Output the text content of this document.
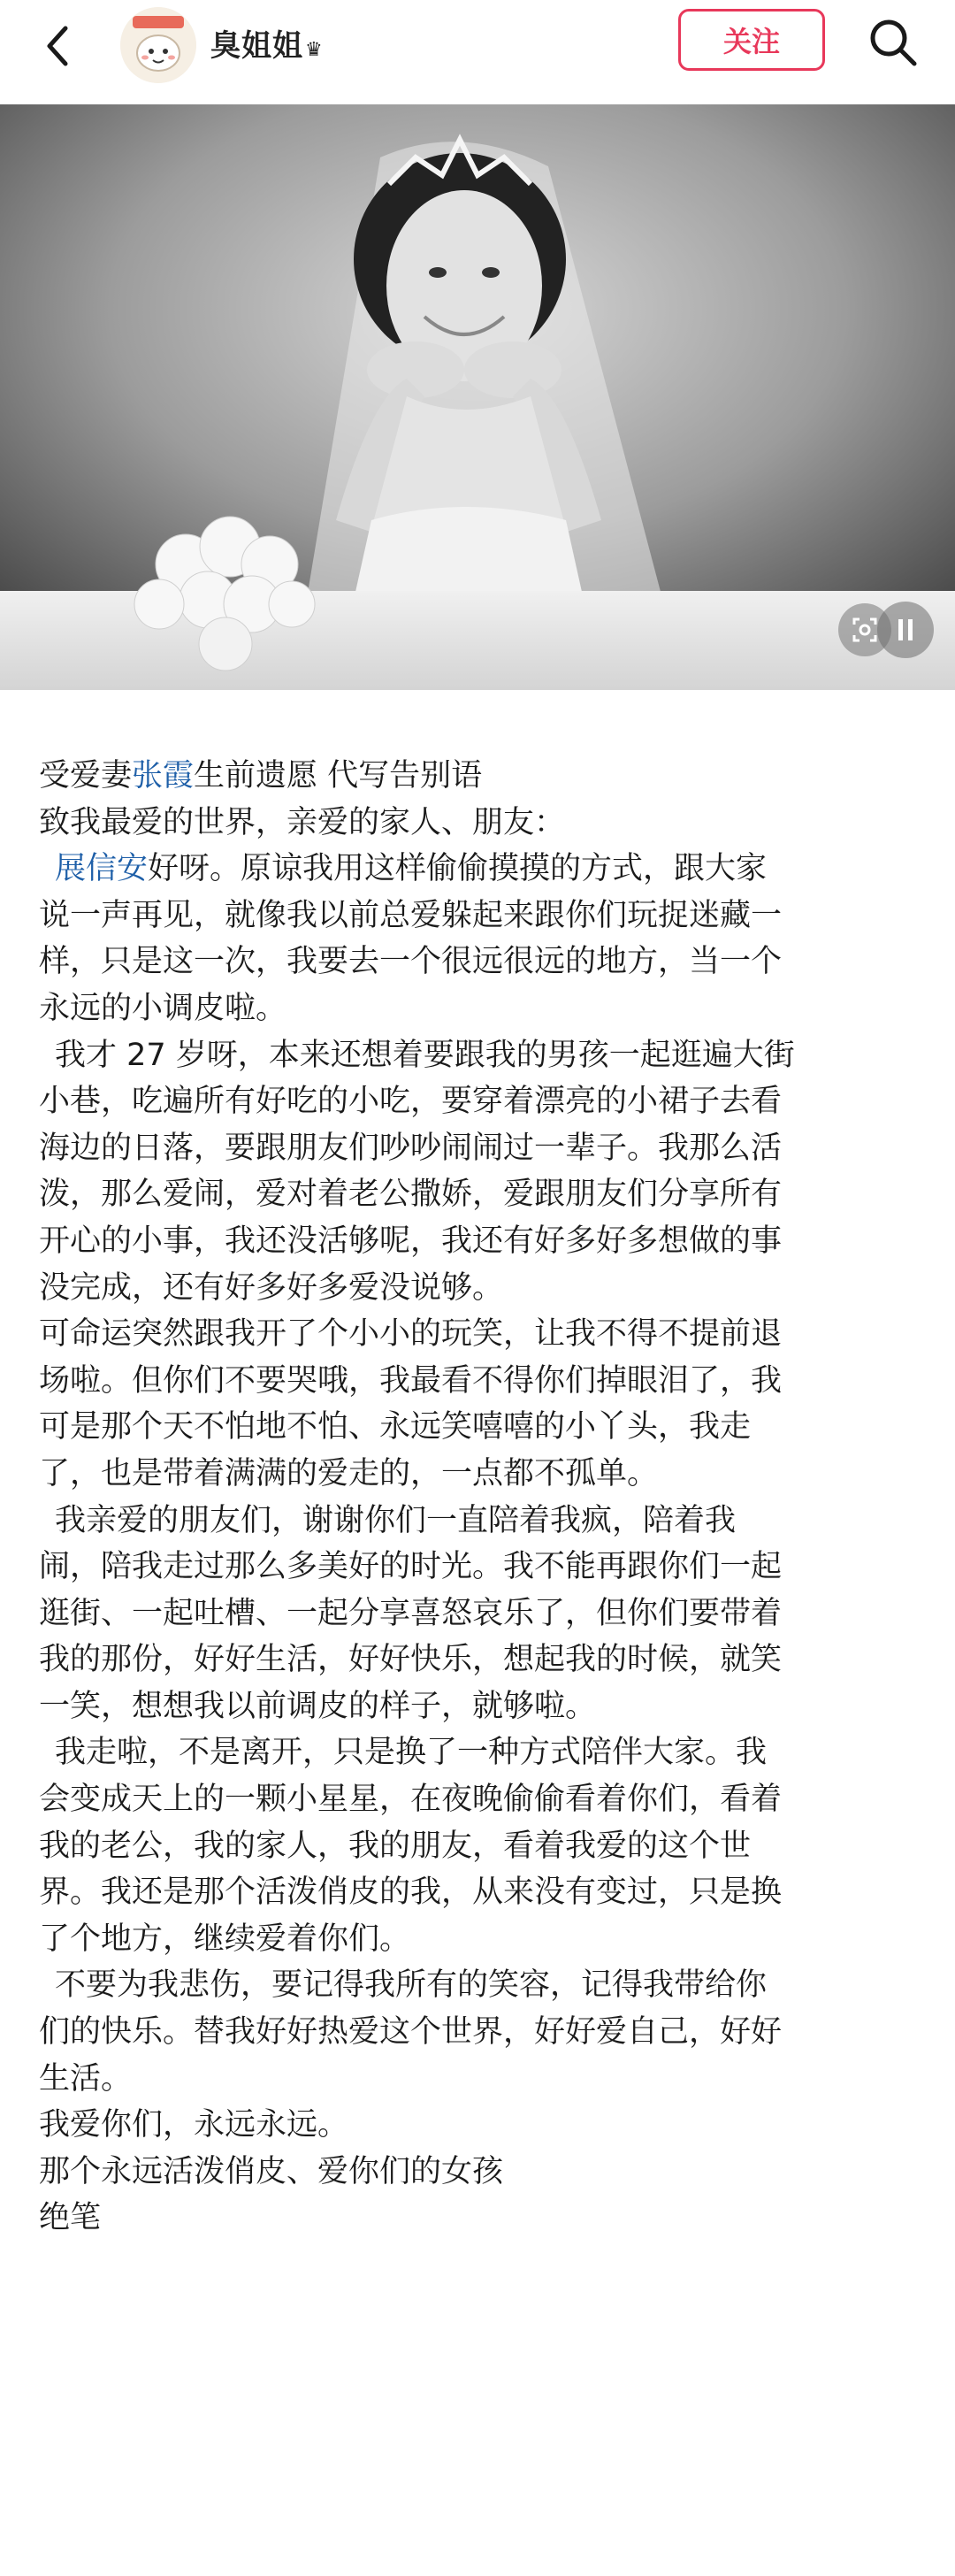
臭姐姐♛	关注
受爱妻张霞生前遗愿 代写告别语
致我最爱的世界，亲爱的家人、朋友：
展信安好呀。原谅我用这样偷偷摸摸的方式，跟大家
说一声再见，就像我以前总爱躲起来跟你们玩捉迷藏一
样，只是这一次，我要去一个很远很远的地方，当一个
永远的小调皮啦。
我才 27 岁呀，本来还想着要跟我的男孩一起逛遍大街
小巷，吃遍所有好吃的小吃，要穿着漂亮的小裙子去看
海边的日落，要跟朋友们吵吵闹闹过一辈子。我那么活
泼，那么爱闹，爱对着老公撒娇，爱跟朋友们分享所有
开心的小事，我还没活够呢，我还有好多好多想做的事
没完成，还有好多好多爱没说够。
可命运突然跟我开了个小小的玩笑，让我不得不提前退
场啦。但你们不要哭哦，我最看不得你们掉眼泪了，我
可是那个天不怕地不怕、永远笑嘻嘻的小丫头，我走
了，也是带着满满的爱走的，一点都不孤单。
我亲爱的朋友们，谢谢你们一直陪着我疯，陪着我
闹，陪我走过那么多美好的时光。我不能再跟你们一起
逛街、一起吐槽、一起分享喜怒哀乐了，但你们要带着
我的那份，好好生活，好好快乐，想起我的时候，就笑
一笑，想想我以前调皮的样子，就够啦。
我走啦，不是离开，只是换了一种方式陪伴大家。我
会变成天上的一颗小星星，在夜晚偷偷看着你们，看着
我的老公，我的家人，我的朋友，看着我爱的这个世
界。我还是那个活泼俏皮的我，从来没有变过，只是换
了个地方，继续爱着你们。
不要为我悲伤，要记得我所有的笑容，记得我带给你
们的快乐。替我好好热爱这个世界，好好爱自己，好好
生活。
我爱你们，永远永远。
那个永远活泼俏皮、爱你们的女孩
绝笔
